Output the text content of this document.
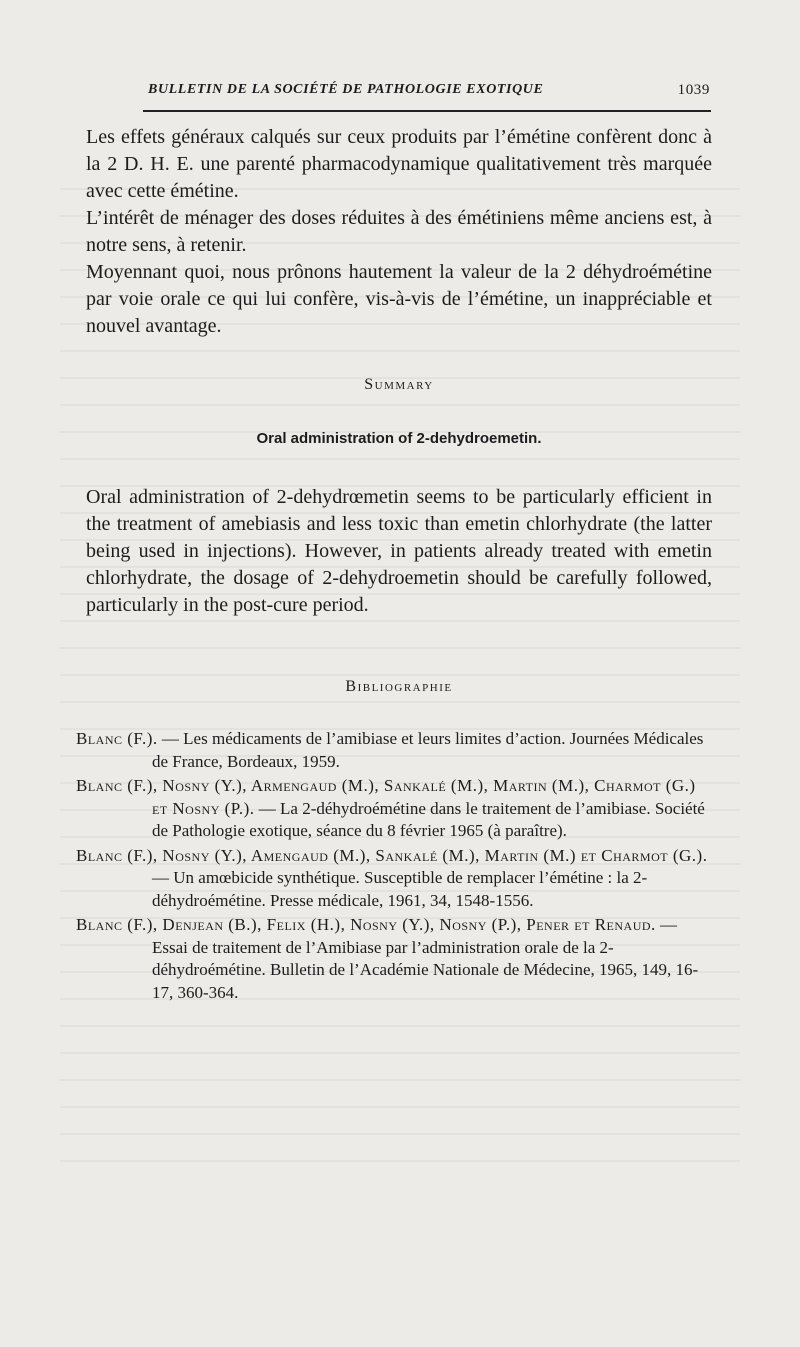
BULLETIN DE LA SOCIÉTÉ DE PATHOLOGIE EXOTIQUE	1039

Les effets généraux calqués sur ceux produits par l’émétine confèrent donc à la 2 D. H. E. une parenté pharmacodynamique qualitativement très marquée avec cette émétine.

L’intérêt de ménager des doses réduites à des émétiniens même anciens est, à notre sens, à retenir.

Moyennant quoi, nous prônons hautement la valeur de la 2 déhydroémétine par voie orale ce qui lui confère, vis-à-vis de l’émétine, un inappréciable et nouvel avantage.

Summary
Oral administration of 2-dehydroemetin.

Oral administration of 2-dehydrœmetin seems to be particularly efficient in the treatment of amebiasis and less toxic than emetin chlorhydrate (the latter being used in injections). However, in patients already treated with emetin chlorhydrate, the dosage of 2-dehydroemetin should be carefully followed, particularly in the post-cure period.

Bibliographie

Blanc (F.). — Les médicaments de l’amibiase et leurs limites d’action. Journées Médicales de France, Bordeaux, 1959.

Blanc (F.), Nosny (Y.), Armengaud (M.), Sankalé (M.), Martin (M.), Charmot (G.) et Nosny (P.). — La 2-déhydroémétine dans le traitement de l’amibiase. Société de Pathologie exotique, séance du 8 février 1965 (à paraître).

Blanc (F.), Nosny (Y.), Amengaud (M.), Sankalé (M.), Martin (M.) et Charmot (G.). — Un amœbicide synthétique. Susceptible de remplacer l’émétine : la 2-déhydroémétine. Presse médicale, 1961, 34, 1548-1556.

Blanc (F.), Denjean (B.), Felix (H.), Nosny (Y.), Nosny (P.), Pener et Renaud. — Essai de traitement de l’Amibiase par l’administration orale de la 2-déhydroémétine. Bulletin de l’Académie Nationale de Médecine, 1965, 149, 16-17, 360-364.
